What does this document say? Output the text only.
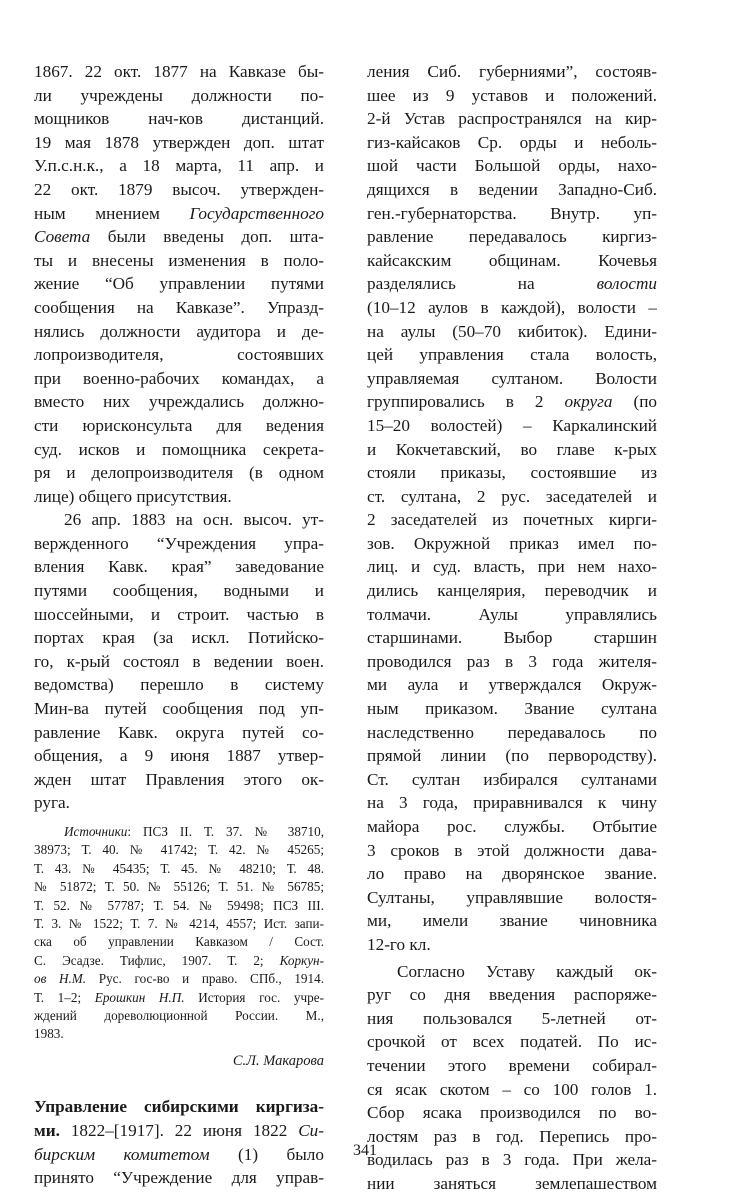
1867. 22 окт. 1877 на Кавказе бы-
ли учреждены должности по-
мощников нач-ков дистанций.
19 мая 1878 утвержден доп. штат
У.п.с.н.к., а 18 марта, 11 апр. и
22 окт. 1879 высоч. утвержден-
ным мнением Государственного
Совета были введены доп. шта-
ты и внесены изменения в поло-
жение “Об управлении путями
сообщения на Кавказе”. Упразд-
нялись должности аудитора и де-
лопроизводителя, состоявших
при военно-рабочих командах, а
вместо них учреждались должно-
сти юрисконсульта для ведения
суд. исков и помощника секрета-
ря и делопроизводителя (в одном
лице) общего присутствия.

26 апр. 1883 на осн. высоч. ут-
вержденного “Учреждения упра-
вления Кавк. края” заведование
путями сообщения, водными и
шоссейными, и строит. частью в
портах края (за искл. Потийско-
го, к-рый состоял в ведении воен.
ведомства) перешло в систему
Мин-ва путей сообщения под уп-
равление Кавк. округа путей со-
общения, а 9 июня 1887 утвер-
жден штат Правления этого ок-
руга.

Источники: ПСЗ II. Т. 37. № 38710,
38973; Т. 40. № 41742; Т. 42. № 45265;
Т. 43. № 45435; Т. 45. № 48210; Т. 48.
№ 51872; Т. 50. № 55126; Т. 51. № 56785;
Т. 52. № 57787; Т. 54. № 59498; ПСЗ III.
Т. 3. № 1522; Т. 7. № 4214, 4557; Ист. запи-
ска об управлении Кавказом / Сост.
С. Эсадзе. Тифлис, 1907. Т. 2; Коркун-
ов Н.М. Рус. гос-во и право. СПб., 1914.
Т. 1–2; Ерошкин Н.П. История гос. учре-
ждений дореволюционной России. М.,
1983.
С.Л. Макарова

Управление сибирскими киргиза-
ми. 1822–[1917]. 22 июня 1822 Си-
бирским комитетом (1) было
принято “Учреждение для управ-

ления Сиб. губерниями”, состояв-
шее из 9 уставов и положений.
2-й Устав распространялся на кир-
гиз-кайсаков Ср. орды и неболь-
шой части Большой орды, нахо-
дящихся в ведении Западно-Сиб.
ген.-губернаторства. Внутр. уп-
равление передавалось киргиз-
кайсакским общинам. Кочевья
разделялись        на        волости
(10–12 аулов в каждой), волости –
на аулы (50–70 кибиток). Едини-
цей управления стала волость,
управляемая султаном. Волости
группировались в 2 округа (по
15–20 волостей) – Каркалинский
и Кокчетавский, во главе к-рых
стояли приказы, состоявшие из
ст. султана, 2 рус. заседателей и
2 заседателей из почетных кирги-
зов. Окружной приказ имел по-
лиц. и суд. власть, при нем нахо-
дились канцелярия, переводчик и
толмачи. Аулы управлялись
старшинами. Выбор старшин
проводился раз в 3 года жителя-
ми аула и утверждался Окруж-
ным приказом. Звание султана
наследственно передавалось по
прямой линии (по первородству).
Ст. султан избирался султанами
на 3 года, приравнивался к чину
майора рос. службы. Отбытие
3 сроков в этой должности дава-
ло право на дворянское звание.
Султаны, управлявшие волостя-
ми, имели звание чиновника
12-го кл.

Согласно Уставу каждый ок-
руг со дня введения распоряже-
ния пользовался 5-летней от-
срочкой от всех податей. По ис-
течении этого времени собирал-
ся ясак скотом – со 100 голов 1.
Сбор ясака производился по во-
лостям раз в год. Перепись про-
водилась раз в 3 года. При жела-
нии заняться землепашеством

341
